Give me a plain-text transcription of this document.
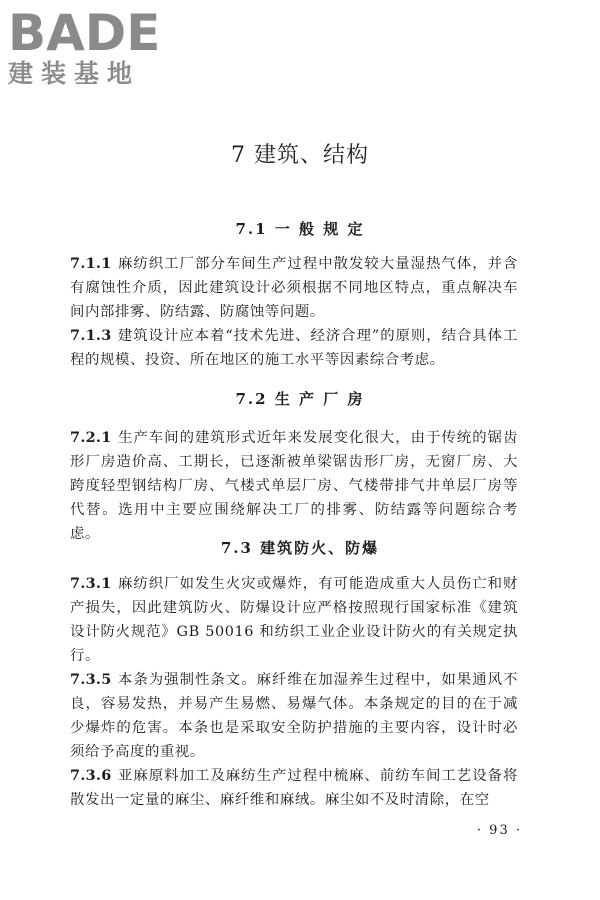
BADE
建装基地
7 建筑、结构
7.1 一 般 规 定
7.1.1 麻纺织工厂部分车间生产过程中散发较大量湿热气体，并含有腐蚀性介质，因此建筑设计必须根据不同地区特点，重点解决车间内部排雾、防结露、防腐蚀等问题。
7.1.3 建筑设计应本着“技术先进、经济合理”的原则，结合具体工程的规模、投资、所在地区的施工水平等因素综合考虑。
7.2 生 产 厂 房
7.2.1 生产车间的建筑形式近年来发展变化很大，由于传统的锯齿形厂房造价高、工期长，已逐渐被单梁锯齿形厂房，无窗厂房、大跨度轻型钢结构厂房、气楼式单层厂房、气楼带排气井单层厂房等代替。选用中主要应围绕解决工厂的排雾、防结露等问题综合考虑。
7.3 建筑防火、防爆
7.3.1 麻纺织厂如发生火灾或爆炸，有可能造成重大人员伤亡和财产损失，因此建筑防火、防爆设计应严格按照现行国家标准《建筑设计防火规范》GB 50016 和纺织工业企业设计防火的有关规定执行。
7.3.5 本条为强制性条文。麻纤维在加湿养生过程中，如果通风不良，容易发热，并易产生易燃、易爆气体。本条规定的目的在于减少爆炸的危害。本条也是采取安全防护措施的主要内容，设计时必须给予高度的重视。
7.3.6 亚麻原料加工及麻纺生产过程中梳麻、前纺车间工艺设备将散发出一定量的麻尘、麻纤维和麻绒。麻尘如不及时清除，在空
· 93 ·
